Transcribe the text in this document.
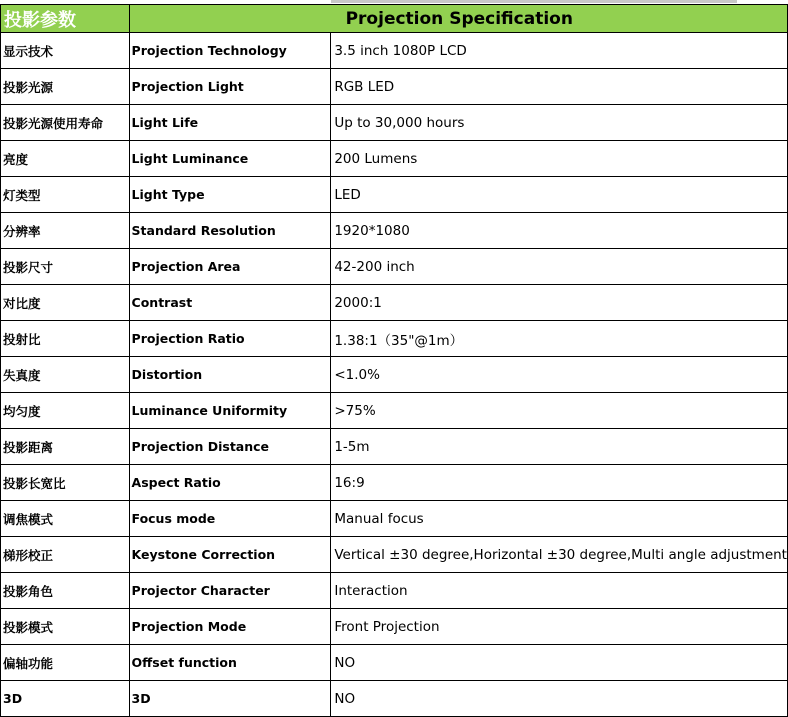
投影参数	Projection Specification	
显示技术	Projection Technology	3.5 inch 1080P LCD
投影光源	Projection Light	RGB LED
投影光源使用寿命	Light Life	Up to 30,000 hours
亮度	Light Luminance	200 Lumens
灯类型	Light Type	LED
分辨率	Standard Resolution	1920*1080
投影尺寸	Projection Area	42-200 inch
对比度	Contrast	2000:1
投射比	Projection Ratio	1.38:1（35"@1m）
失真度	Distortion	<1.0%
均匀度	Luminance Uniformity	>75%
投影距离	Projection Distance	1-5m
投影长宽比	Aspect Ratio	16:9
调焦模式	Focus mode	Manual focus
梯形校正	Keystone Correction	Vertical ±30 degree,Horizontal ±30 degree,Multi angle adjustment
投影角色	Projector Character	Interaction
投影模式	Projection Mode	Front Projection
偏轴功能	Offset function	NO
3D	3D	NO
